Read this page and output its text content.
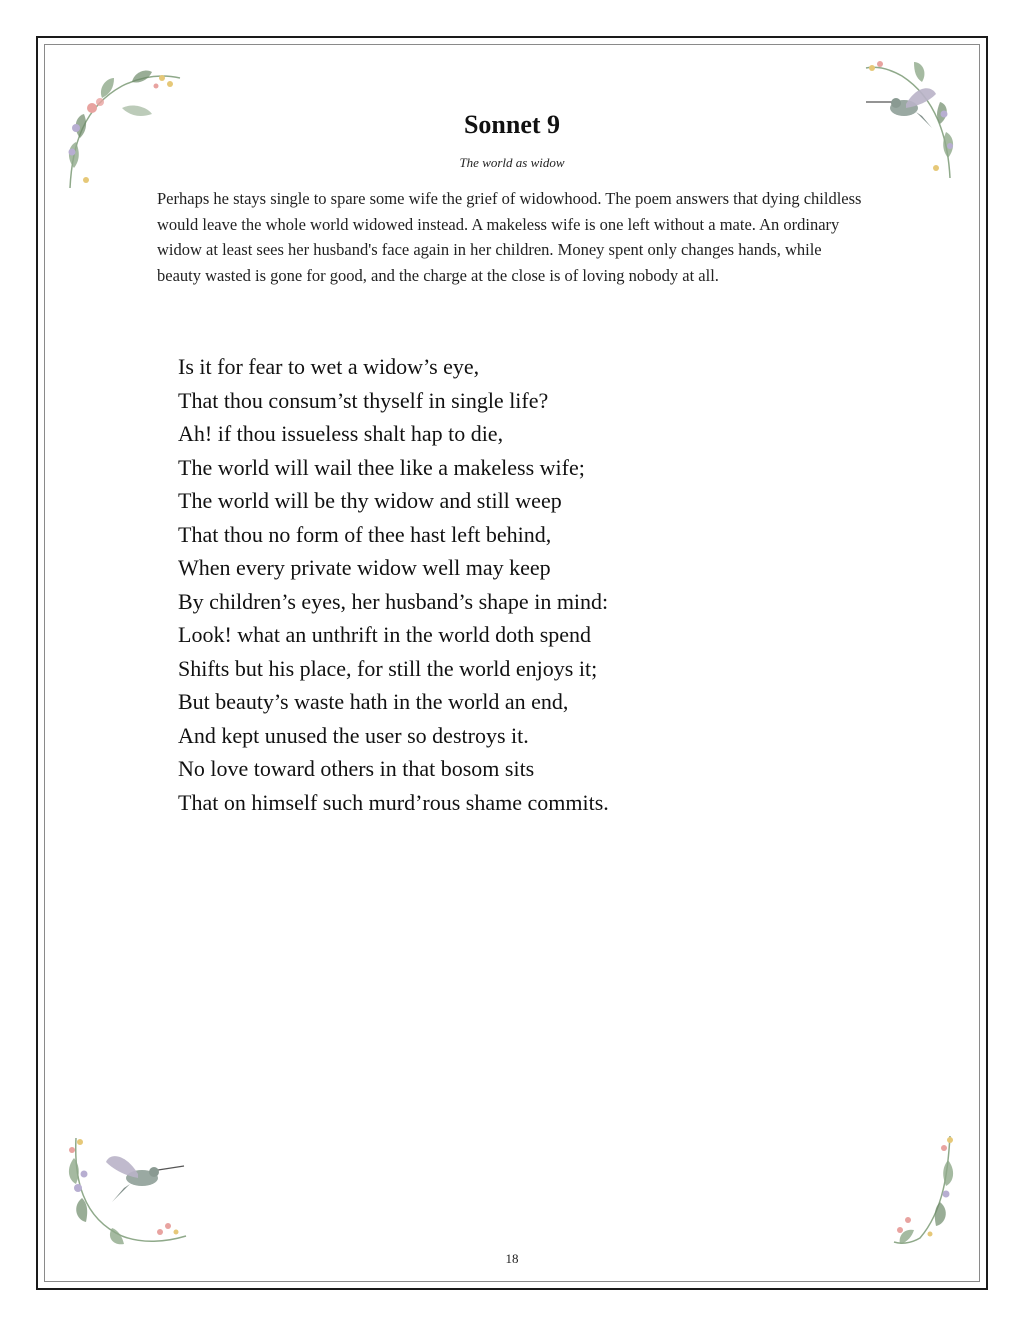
Sonnet 9
The world as widow
Perhaps he stays single to spare some wife the grief of widowhood. The poem answers that dying childless would leave the whole world widowed instead. A makeless wife is one left without a mate. An ordinary widow at least sees her husband's face again in her children. Money spent only changes hands, while beauty wasted is gone for good, and the charge at the close is of loving nobody at all.
Is it for fear to wet a widow’s eye,
That thou consum’st thyself in single life?
Ah! if thou issueless shalt hap to die,
The world will wail thee like a makeless wife;
The world will be thy widow and still weep
That thou no form of thee hast left behind,
When every private widow well may keep
By children’s eyes, her husband’s shape in mind:
Look! what an unthrift in the world doth spend
Shifts but his place, for still the world enjoys it;
But beauty’s waste hath in the world an end,
And kept unused the user so destroys it.
No love toward others in that bosom sits
That on himself such murd’rous shame commits.
18
